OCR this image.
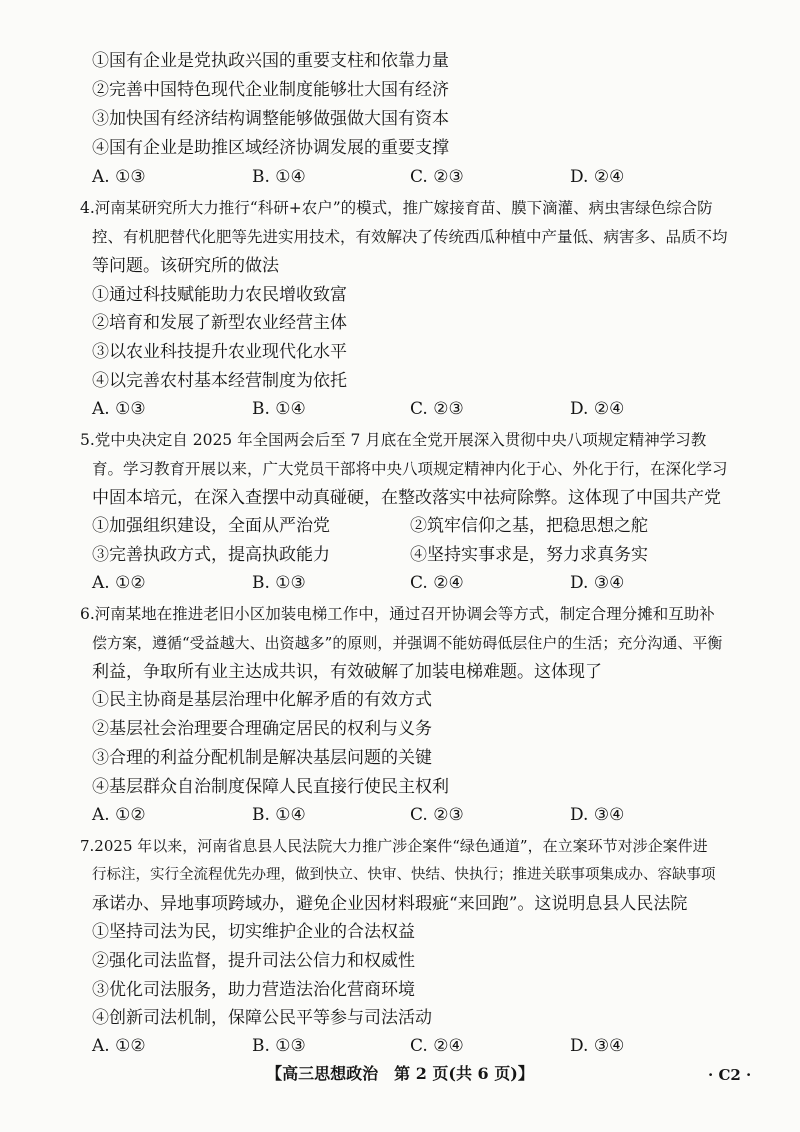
①国有企业是党执政兴国的重要支柱和依靠力量
②完善中国特色现代企业制度能够壮大国有经济
③加快国有经济结构调整能够做强做大国有资本
④国有企业是助推区域经济协调发展的重要支撑
A. ①③	B. ①④	C. ②③	D. ②④
4.河南某研究所大力推行“科研+农户”的模式，推广嫁接育苗、膜下滴灌、病虫害绿色综合防
控、有机肥替代化肥等先进实用技术，有效解决了传统西瓜种植中产量低、病害多、品质不均
等问题。该研究所的做法
①通过科技赋能助力农民增收致富
②培育和发展了新型农业经营主体
③以农业科技提升农业现代化水平
④以完善农村基本经营制度为依托
A. ①③	B. ①④	C. ②③	D. ②④
5.党中央决定自 2025 年全国两会后至 7 月底在全党开展深入贯彻中央八项规定精神学习教
育。学习教育开展以来，广大党员干部将中央八项规定精神内化于心、外化于行，在深化学习
中固本培元，在深入查摆中动真碰硬，在整改落实中祛疴除弊。这体现了中国共产党
①加强组织建设，全面从严治党	②筑牢信仰之基，把稳思想之舵
③完善执政方式，提高执政能力	④坚持实事求是，努力求真务实
A. ①②	B. ①③	C. ②④	D. ③④
6.河南某地在推进老旧小区加装电梯工作中，通过召开协调会等方式，制定合理分摊和互助补
偿方案，遵循“受益越大、出资越多”的原则，并强调不能妨碍低层住户的生活；充分沟通、平衡
利益，争取所有业主达成共识，有效破解了加装电梯难题。这体现了
①民主协商是基层治理中化解矛盾的有效方式
②基层社会治理要合理确定居民的权利与义务
③合理的利益分配机制是解决基层问题的关键
④基层群众自治制度保障人民直接行使民主权利
A. ①②	B. ①④	C. ②③	D. ③④
7.2025 年以来，河南省息县人民法院大力推广涉企案件“绿色通道”，在立案环节对涉企案件进
行标注，实行全流程优先办理，做到快立、快审、快结、快执行；推进关联事项集成办、容缺事项
承诺办、异地事项跨域办，避免企业因材料瑕疵“来回跑”。这说明息县人民法院
①坚持司法为民，切实维护企业的合法权益
②强化司法监督，提升司法公信力和权威性
③优化司法服务，助力营造法治化营商环境
④创新司法机制，保障公民平等参与司法活动
A. ①②	B. ①③	C. ②④	D. ③④
【高三思想政治　第 2 页(共 6 页)】	· C2 ·
